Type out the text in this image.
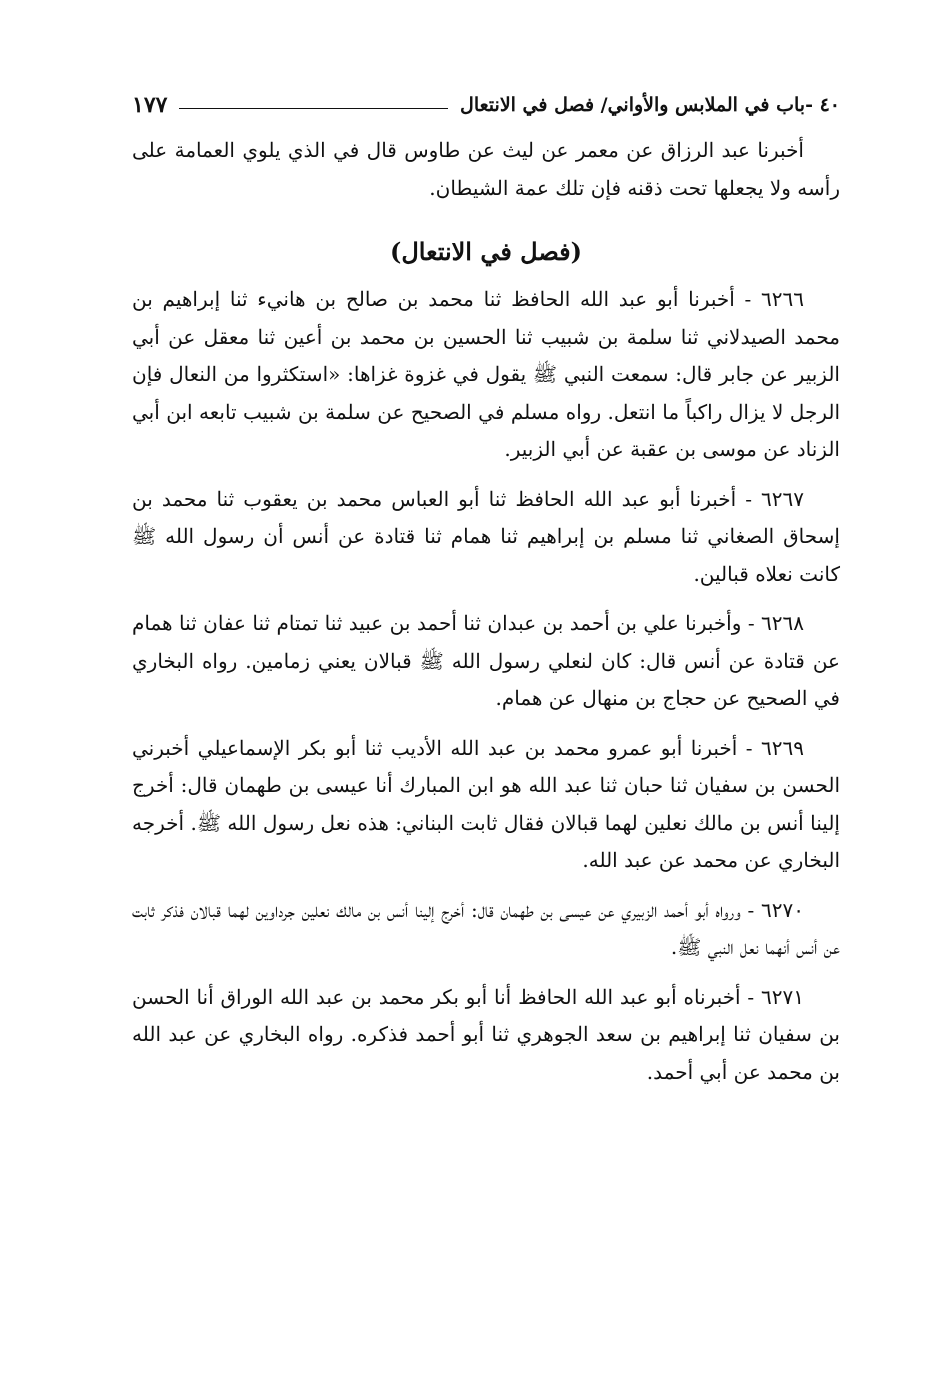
٤٠ -باب في الملابس والأواني/ فصل في الانتعال
١٧٧

أخبرنا عبد الرزاق عن معمر عن ليث عن طاوس قال في الذي يلوي العمامة على رأسه ولا يجعلها تحت ذقنه فإن تلك عمة الشيطان.

(فصل في الانتعال)

٦٢٦٦ - أخبرنا أبو عبد الله الحافظ ثنا محمد بن صالح بن هانيء ثنا إبراهيم بن محمد الصيدلاني ثنا سلمة بن شبيب ثنا الحسين بن محمد بن أعين ثنا معقل عن أبي الزبير عن جابر قال: سمعت النبي ﷺ يقول في غزوة غزاها: «استكثروا من النعال فإن الرجل لا يزال راكباً ما انتعل. رواه مسلم في الصحيح عن سلمة بن شبيب تابعه ابن أبي الزناد عن موسى بن عقبة عن أبي الزبير.

٦٢٦٧ - أخبرنا أبو عبد الله الحافظ ثنا أبو العباس محمد بن يعقوب ثنا محمد بن إسحاق الصغاني ثنا مسلم بن إبراهيم ثنا همام ثنا قتادة عن أنس أن رسول الله ﷺ كانت نعلاه قبالين.

٦٢٦٨ - وأخبرنا علي بن أحمد بن عبدان ثنا أحمد بن عبيد ثنا تمتام ثنا عفان ثنا همام عن قتادة عن أنس قال: كان لنعلي رسول الله ﷺ قبالان يعني زمامين. رواه البخاري في الصحيح عن حجاج بن منهال عن همام.

٦٢٦٩ - أخبرنا أبو عمرو محمد بن عبد الله الأديب ثنا أبو بكر الإسماعيلي أخبرني الحسن بن سفيان ثنا حبان ثنا عبد الله هو ابن المبارك أنا عيسى بن طهمان قال: أخرج إلينا أنس بن مالك نعلين لهما قبالان فقال ثابت البناني: هذه نعل رسول الله ﷺ. أخرجه البخاري عن محمد عن عبد الله.

٦٢٧٠ - ورواه أبو أحمد الزبيري عن عيسى بن طهمان قال: أخرج إلينا أنس بن مالك نعلين جرداوين لهما قبالان فذكر ثابت عن أنس أنهما نعل النبي ﷺ.

٦٢٧١ - أخبرناه أبو عبد الله الحافظ أنا أبو بكر محمد بن عبد الله الوراق أنا الحسن بن سفيان ثنا إبراهيم بن سعد الجوهري ثنا أبو أحمد فذكره. رواه البخاري عن عبد الله بن محمد عن أبي أحمد.
